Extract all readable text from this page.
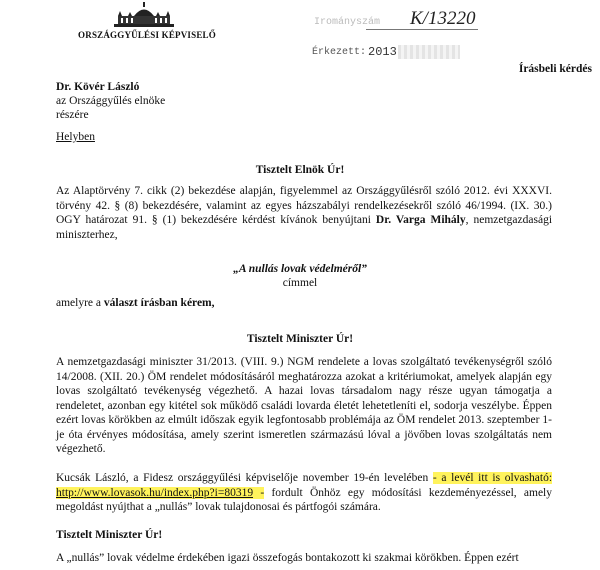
ORSZÁGGYŰLÉSI KÉPVISELŐ
Irományszám K/13220
Érkezett: 2013
Írásbeli kérdés
Dr. Kövér László
az Országgyűlés elnöke
részére
Helyben
Tisztelt Elnök Úr!
Az Alaptörvény 7. cikk (2) bekezdése alapján, figyelemmel az Országgyűlésről szóló 2012. évi XXXVI. törvény 42. § (8) bekezdésére, valamint az egyes házszabályi rendelkezésekről szóló 46/1994. (IX. 30.) OGY határozat 91. § (1) bekezdésére kérdést kívánok benyújtani Dr. Varga Mihály, nemzetgazdasági miniszterhez,
„A nullás lovak védelméről”
címmel
amelyre a választ írásban kérem,
Tisztelt Miniszter Úr!
A nemzetgazdasági miniszter 31/2013. (VIII. 9.) NGM rendelete a lovas szolgáltató tevékenységről szóló 14/2008. (XII. 20.) ÖM rendelet módosításáról meghatározza azokat a kritériumokat, amelyek alapján egy lovas szolgáltató tevékenység végezhető. A hazai lovas társadalom nagy része ugyan támogatja a rendeletet, azonban egy kitétel sok működő családi lovarda életét lehetetleníti el, sodorja veszélybe. Éppen ezért lovas körökben az elmúlt időszak egyik legfontosabb problémája az ÖM rendelet 2013. szeptember 1-je óta érvényes módosítása, amely szerint ismeretlen származású lóval a jövőben lovas szolgáltatás nem végezhető.
Kucsák László, a Fidesz országgyűlési képviselője november 19-én levelében - a levél itt is olvasható: http://www.lovasok.hu/index.php?i=80319 - fordult Önhöz egy módosítási kezdeményezéssel, amely megoldást nyújthat a „nullás” lovak tulajdonosai és pártfogói számára.
Tisztelt Miniszter Úr!
A „nullás” lovak védelme érdekében igazi összefogás bontakozott ki szakmai körökben. Éppen ezért
